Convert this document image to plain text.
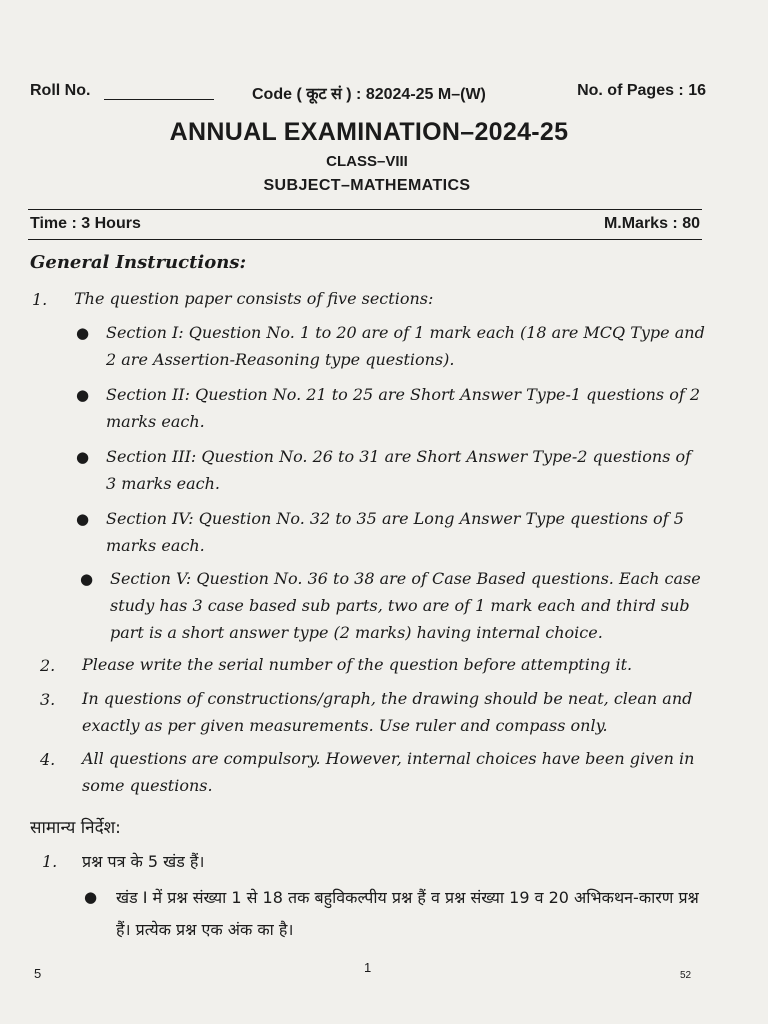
Roll No.	Code ( कूट सं ) : 82024-25 M–(W)	No. of Pages : 16
ANNUAL EXAMINATION–2024-25
CLASS–VIII
SUBJECT–MATHEMATICS
Time : 3 Hours	M.Marks : 80
General Instructions:
1. The question paper consists of five sections:
● Section I: Question No. 1 to 20 are of 1 mark each (18 are MCQ Type and 2 are Assertion-Reasoning type questions).
● Section II: Question No. 21 to 25 are Short Answer Type-1 questions of 2 marks each.
● Section III: Question No. 26 to 31 are Short Answer Type-2 questions of 3 marks each.
● Section IV: Question No. 32 to 35 are Long Answer Type questions of 5 marks each.
● Section V: Question No. 36 to 38 are of Case Based questions. Each case study has 3 case based sub parts, two are of 1 mark each and third sub part is a short answer type (2 marks) having internal choice.
2. Please write the serial number of the question before attempting it.
3. In questions of constructions/graph, the drawing should be neat, clean and exactly as per given measurements. Use ruler and compass only.
4. All questions are compulsory. However, internal choices have been given in some questions.
सामान्य निर्देश:
1. प्रश्न पत्र के 5 खंड हैं।
● खंड I में प्रश्न संख्या 1 से 18 तक बहुविकल्पीय प्रश्न हैं व प्रश्न संख्या 19 व 20 अभिकथन-कारण प्रश्न हैं। प्रत्येक प्रश्न एक अंक का है।
5	1
52
